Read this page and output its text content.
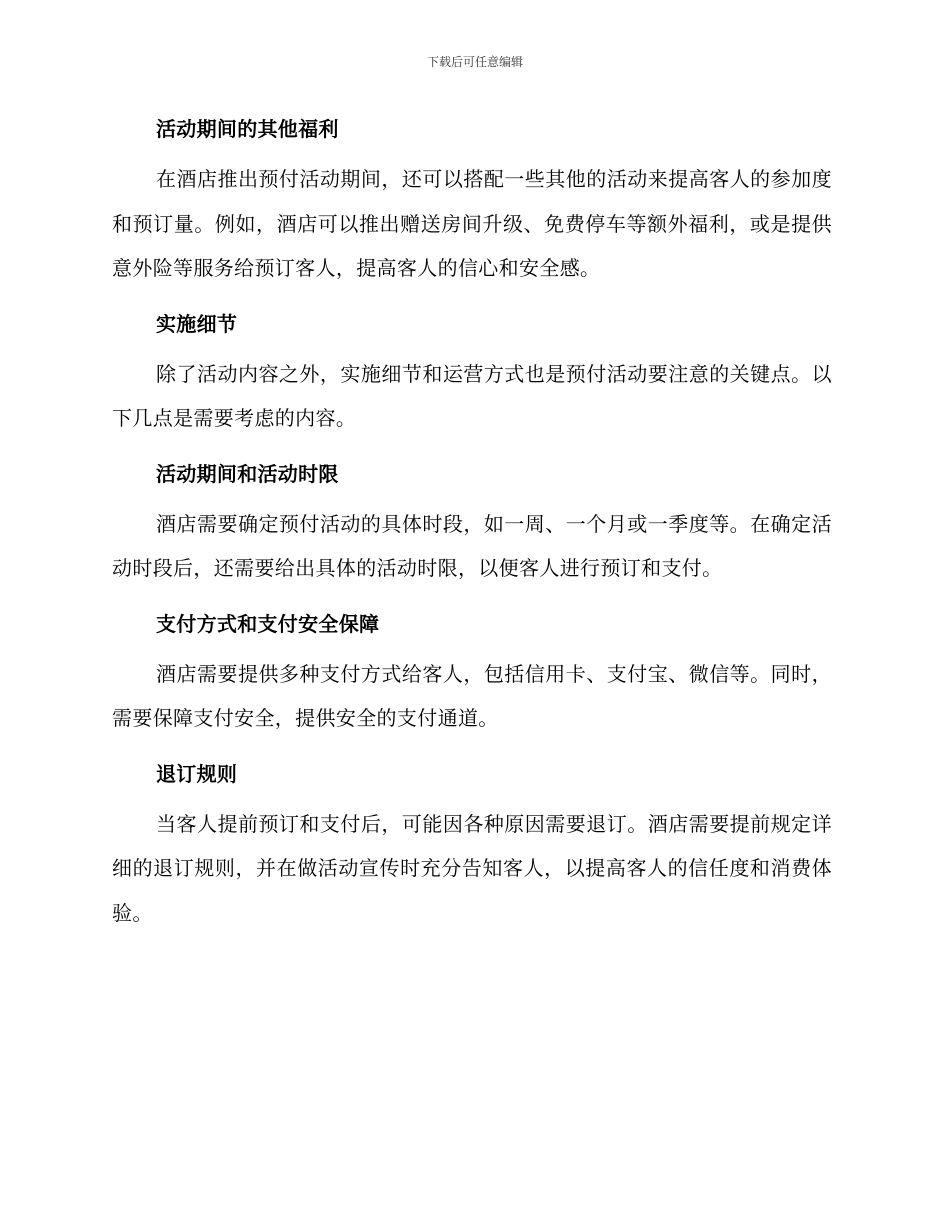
下载后可任意编辑
活动期间的其他福利

在酒店推出预付活动期间，还可以搭配一些其他的活动来提高客人的参加度和预订量。例如，酒店可以推出赠送房间升级、免费停车等额外福利，或是提供意外险等服务给预订客人，提高客人的信心和安全感。

实施细节

除了活动内容之外，实施细节和运营方式也是预付活动要注意的关键点。以下几点是需要考虑的内容。

活动期间和活动时限

酒店需要确定预付活动的具体时段，如一周、一个月或一季度等。在确定活动时段后，还需要给出具体的活动时限，以便客人进行预订和支付。

支付方式和支付安全保障

酒店需要提供多种支付方式给客人，包括信用卡、支付宝、微信等。同时，需要保障支付安全，提供安全的支付通道。

退订规则

当客人提前预订和支付后，可能因各种原因需要退订。酒店需要提前规定详细的退订规则，并在做活动宣传时充分告知客人，以提高客人的信任度和消费体验。
